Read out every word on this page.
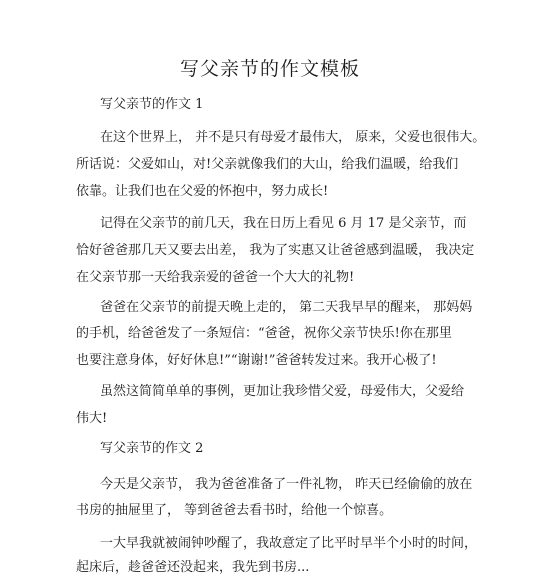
写父亲节的作文模板
写父亲节的作文 1
在这个世界上， 并不是只有母爱才最伟大， 原来，父爱也很伟大。
所话说：父爱如山，对!父亲就像我们的大山，给我们温暖，给我们
依靠。让我们也在父爱的怀抱中，努力成长!
记得在父亲节的前几天，我在日历上看见 6 月 17 是父亲节，而
恰好爸爸那几天又要去出差， 我为了实惠又让爸爸感到温暖， 我决定
在父亲节那一天给我亲爱的爸爸一个大大的礼物!
爸爸在父亲节的前提天晚上走的， 第二天我早早的醒来， 那妈妈
的手机，给爸爸发了一条短信：“爸爸，祝你父亲节快乐!你在那里
也要注意身体，好好休息!”“谢谢!”爸爸转发过来。我开心极了!
虽然这简简单单的事例，更加让我珍惜父爱，母爱伟大，父爱给
伟大!
写父亲节的作文 2
今天是父亲节， 我为爸爸准备了一件礼物， 昨天已经偷偷的放在
书房的抽屉里了， 等到爸爸去看书时，给他一个惊喜。
一大早我就被闹钟吵醒了，我故意定了比平时早半个小时的时间，
起床后，趁爸爸还没起来，我先到书房...
